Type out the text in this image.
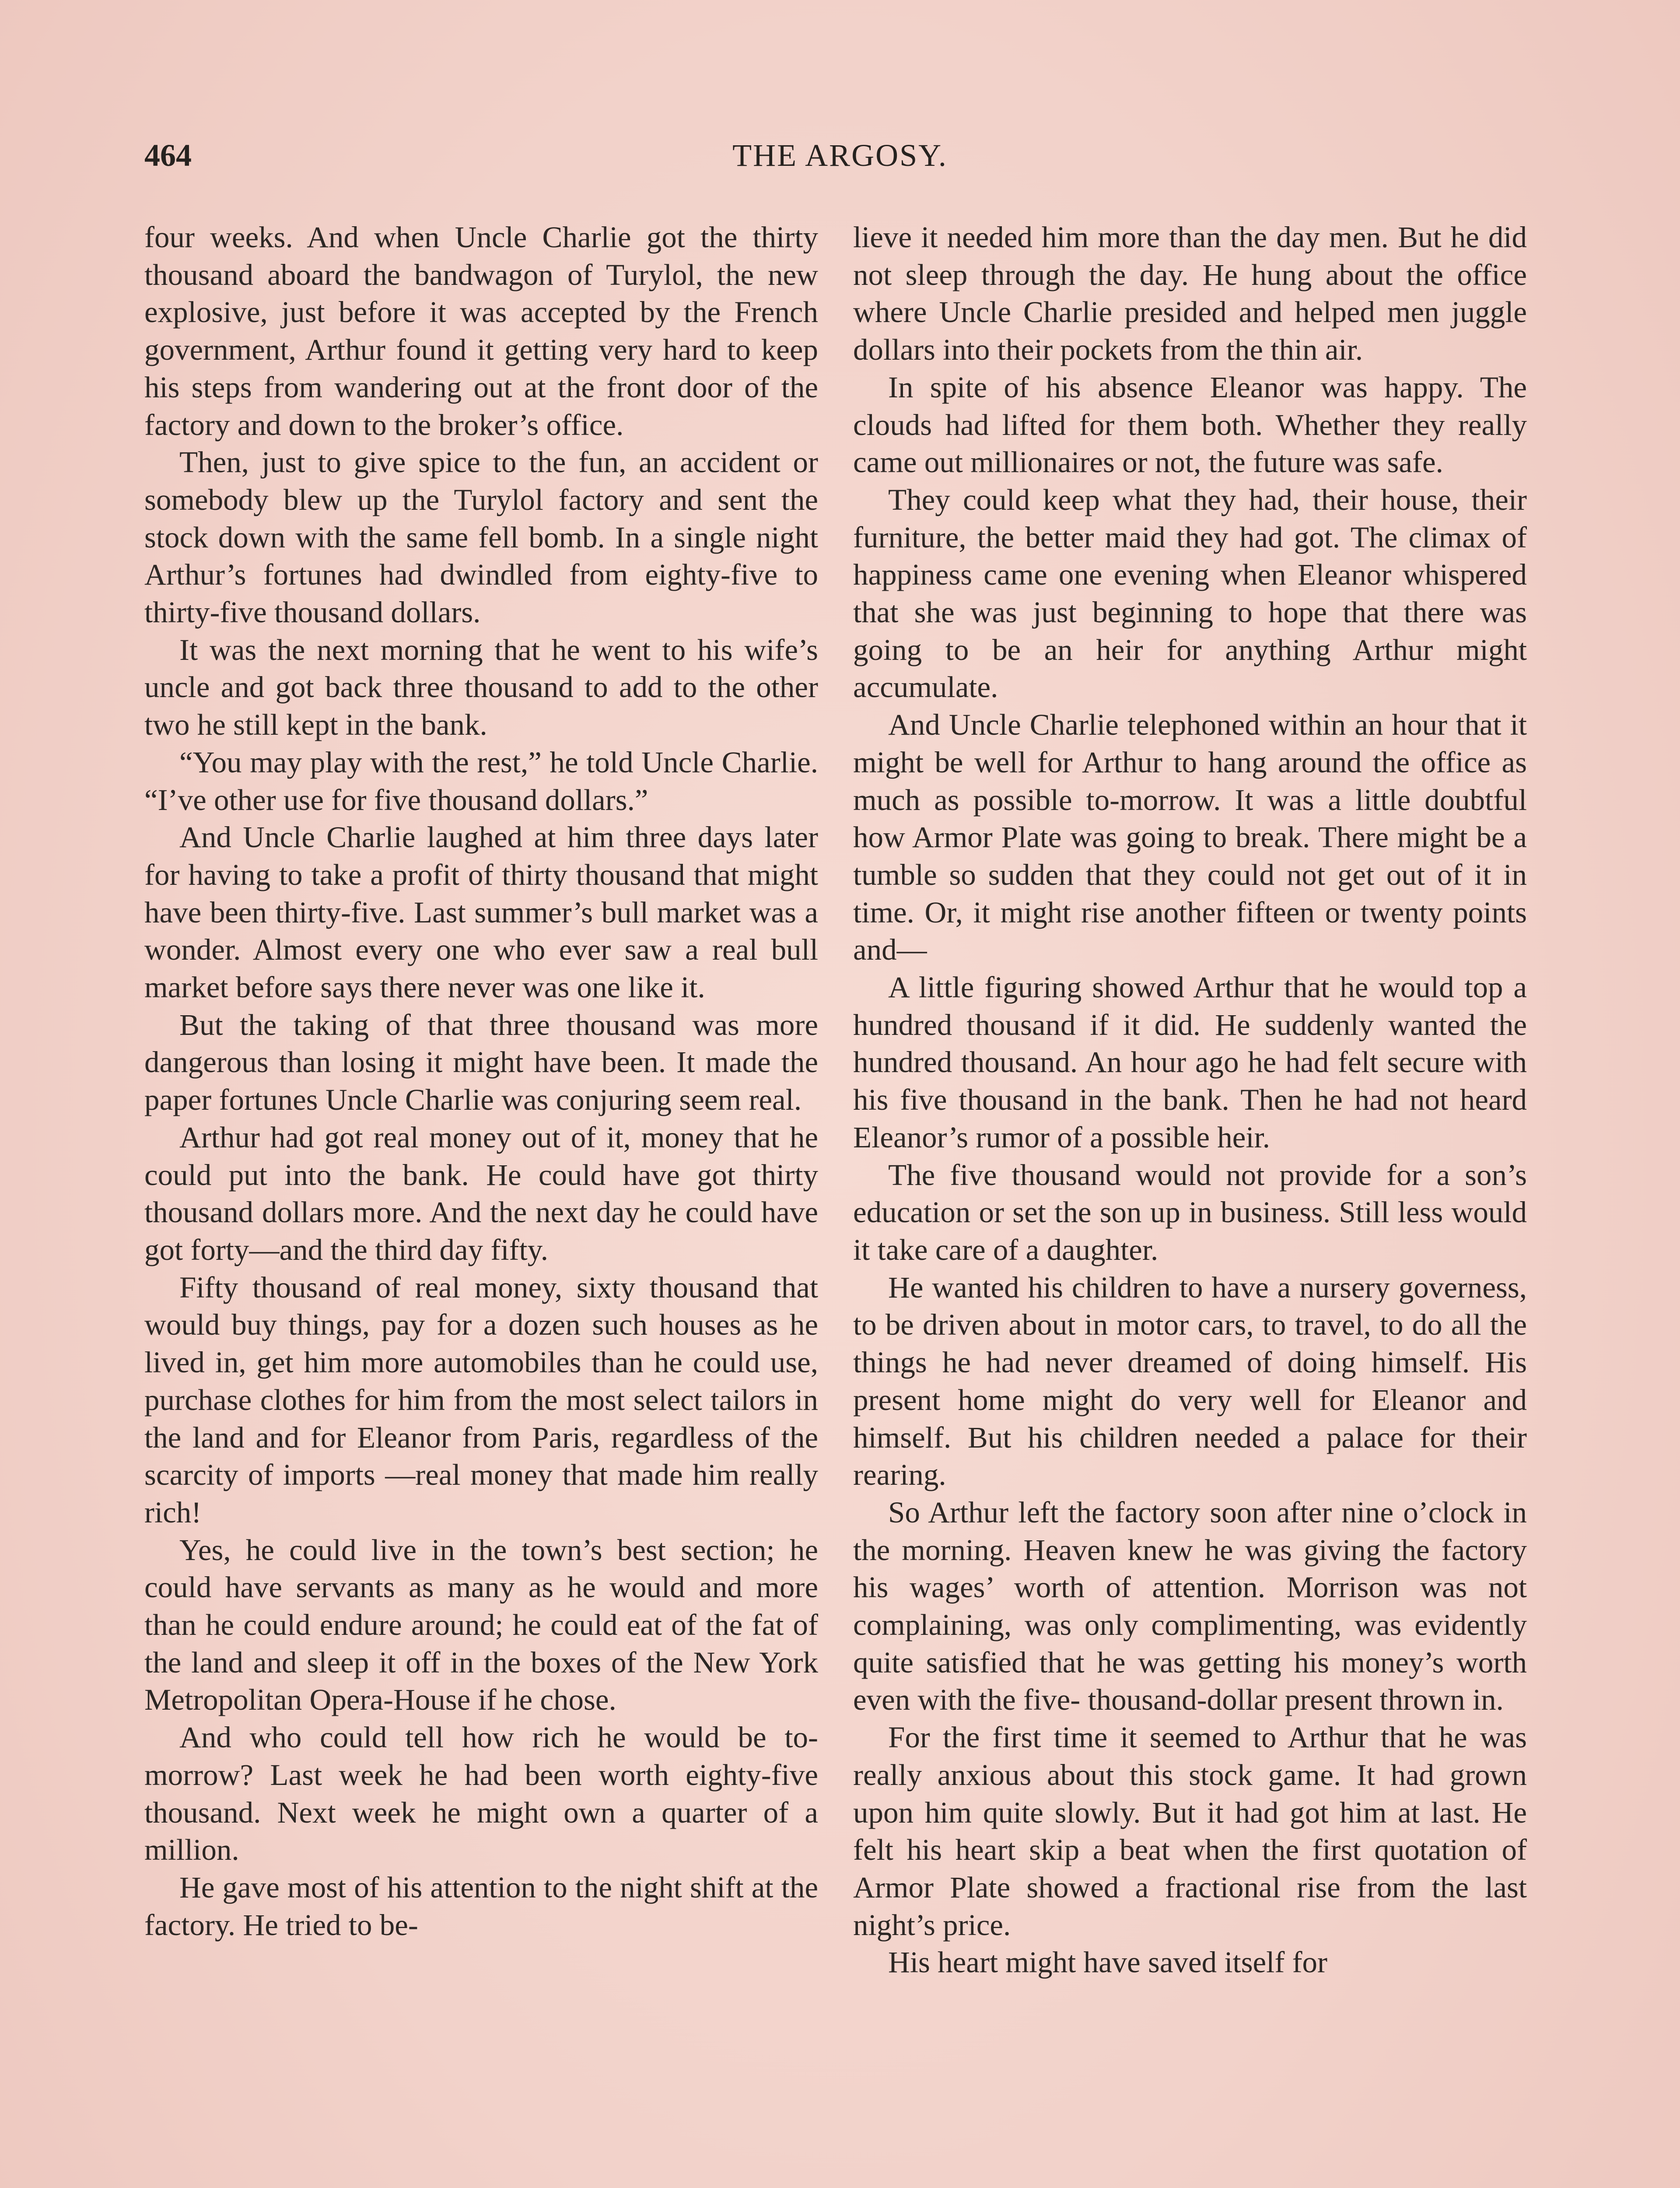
464	THE ARGOSY.

four weeks. And when Uncle Charlie got the thirty thousand aboard the bandwagon of Turylol, the new explosive, just before it was accepted by the French government, Arthur found it getting very hard to keep his steps from wandering out at the front door of the factory and down to the broker’s office.

Then, just to give spice to the fun, an accident or somebody blew up the Turylol factory and sent the stock down with the same fell bomb. In a single night Arthur’s fortunes had dwindled from eighty-five to thirty-five thousand dollars.

It was the next morning that he went to his wife’s uncle and got back three thousand to add to the other two he still kept in the bank.

“You may play with the rest,” he told Uncle Charlie. “I’ve other use for five thousand dollars.”

And Uncle Charlie laughed at him three days later for having to take a profit of thirty thousand that might have been thirty-five. Last summer’s bull market was a wonder. Almost every one who ever saw a real bull market before says there never was one like it.

But the taking of that three thousand was more dangerous than losing it might have been. It made the paper fortunes Uncle Charlie was conjuring seem real.

Arthur had got real money out of it, money that he could put into the bank. He could have got thirty thousand dollars more. And the next day he could have got forty—and the third day fifty.

Fifty thousand of real money, sixty thousand that would buy things, pay for a dozen such houses as he lived in, get him more automobiles than he could use, purchase clothes for him from the most select tailors in the land and for Eleanor from Paris, regardless of the scarcity of imports —real money that made him really rich!

Yes, he could live in the town’s best section; he could have servants as many as he would and more than he could endure around; he could eat of the fat of the land and sleep it off in the boxes of the New York Metropolitan Opera-House if he chose.

And who could tell how rich he would be to-morrow? Last week he had been worth eighty-five thousand. Next week he might own a quarter of a million.

He gave most of his attention to the night shift at the factory. He tried to be-

lieve it needed him more than the day men. But he did not sleep through the day. He hung about the office where Uncle Charlie presided and helped men juggle dollars into their pockets from the thin air.

In spite of his absence Eleanor was happy. The clouds had lifted for them both. Whether they really came out millionaires or not, the future was safe.

They could keep what they had, their house, their furniture, the better maid they had got. The climax of happiness came one evening when Eleanor whispered that she was just beginning to hope that there was going to be an heir for anything Arthur might accumulate.

And Uncle Charlie telephoned within an hour that it might be well for Arthur to hang around the office as much as possible to-morrow. It was a little doubtful how Armor Plate was going to break. There might be a tumble so sudden that they could not get out of it in time. Or, it might rise another fifteen or twenty points and—

A little figuring showed Arthur that he would top a hundred thousand if it did. He suddenly wanted the hundred thousand. An hour ago he had felt secure with his five thousand in the bank. Then he had not heard Eleanor’s rumor of a possible heir.

The five thousand would not provide for a son’s education or set the son up in business. Still less would it take care of a daughter.

He wanted his children to have a nursery governess, to be driven about in motor cars, to travel, to do all the things he had never dreamed of doing himself. His present home might do very well for Eleanor and himself. But his children needed a palace for their rearing.

So Arthur left the factory soon after nine o’clock in the morning. Heaven knew he was giving the factory his wages’ worth of attention. Morrison was not complaining, was only complimenting, was evidently quite satisfied that he was getting his money’s worth even with the five- thousand-dollar present thrown in.

For the first time it seemed to Arthur that he was really anxious about this stock game. It had grown upon him quite slowly. But it had got him at last. He felt his heart skip a beat when the first quotation of Armor Plate showed a fractional rise from the last night’s price.

His heart might have saved itself for
